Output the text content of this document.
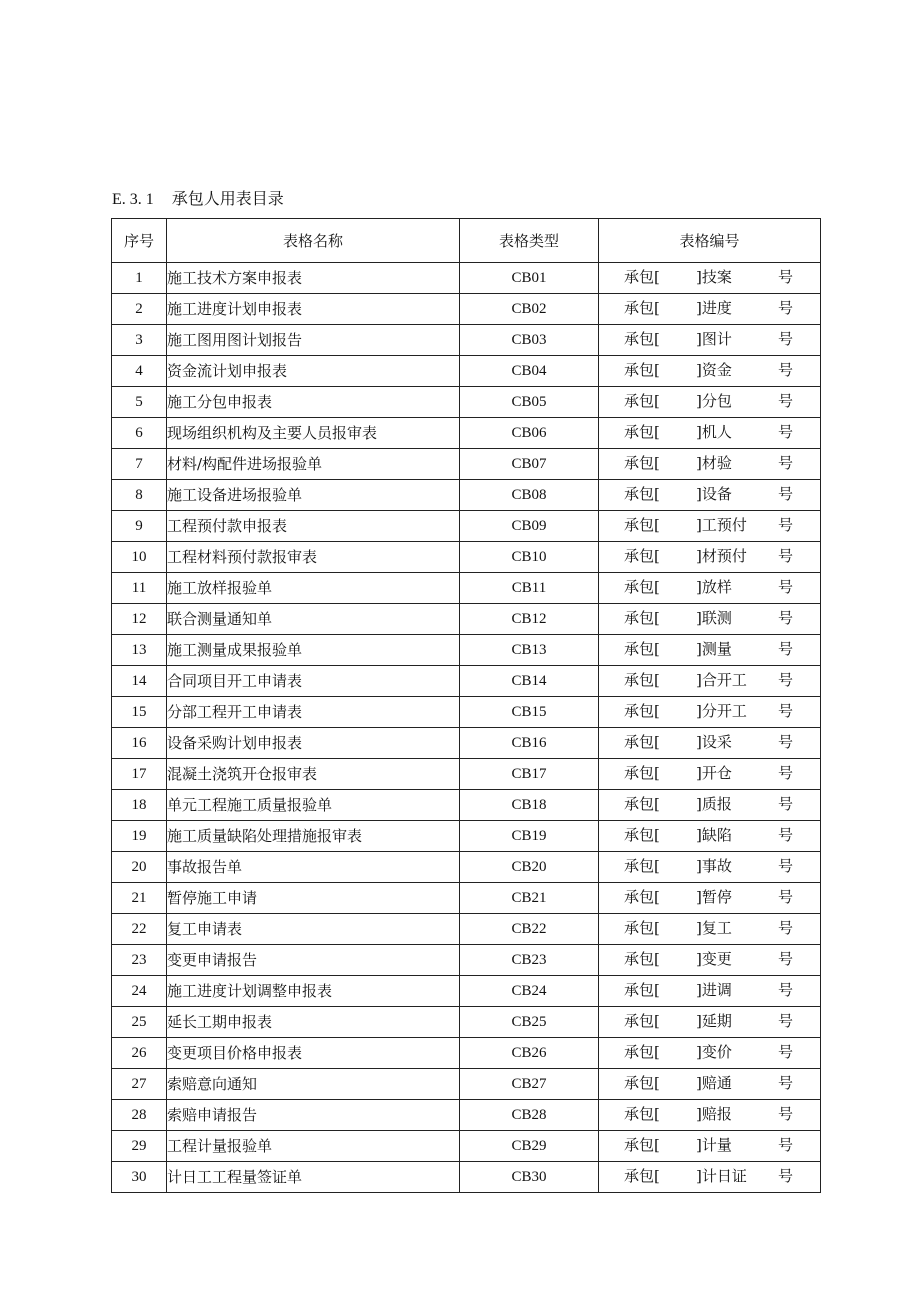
E. 3. 1 承包人用表目录
序号	表格名称	表格类型	表格编号
1	施工技术方案申报表	CB01	承包[ ]技案 号

2	施工进度计划申报表	CB02	承包[ ]进度 号

3	施工图用图计划报告	CB03	承包[ ]图计 号

4	资金流计划申报表	CB04	承包[ ]资金 号

5	施工分包申报表	CB05	承包[ ]分包 号

6	现场组织机构及主要人员报审表	CB06	承包[ ]机人 号

7	材料/构配件进场报验单	CB07	承包[ ]材验 号

8	施工设备进场报验单	CB08	承包[ ]设备 号

9	工程预付款申报表	CB09	承包[ ]工预付 号

10	工程材料预付款报审表	CB10	承包[ ]材预付 号

11	施工放样报验单	CB11	承包[ ]放样 号

12	联合测量通知单	CB12	承包[ ]联测 号

13	施工测量成果报验单	CB13	承包[ ]测量 号

14	合同项目开工申请表	CB14	承包[ ]合开工 号

15	分部工程开工申请表	CB15	承包[ ]分开工 号

16	设备采购计划申报表	CB16	承包[ ]设采 号

17	混凝土浇筑开仓报审表	CB17	承包[ ]开仓 号

18	单元工程施工质量报验单	CB18	承包[ ]质报 号

19	施工质量缺陷处理措施报审表	CB19	承包[ ]缺陷 号

20	事故报告单	CB20	承包[ ]事故 号

21	暂停施工申请	CB21	承包[ ]暂停 号

22	复工申请表	CB22	承包[ ]复工 号

23	变更申请报告	CB23	承包[ ]变更 号

24	施工进度计划调整申报表	CB24	承包[ ]进调 号

25	延长工期申报表	CB25	承包[ ]延期 号

26	变更项目价格申报表	CB26	承包[ ]变价 号

27	索赔意向通知	CB27	承包[ ]赔通 号

28	索赔申请报告	CB28	承包[ ]赔报 号

29	工程计量报验单	CB29	承包[ ]计量 号

30	计日工工程量签证单	CB30	承包[ ]计日证 号
